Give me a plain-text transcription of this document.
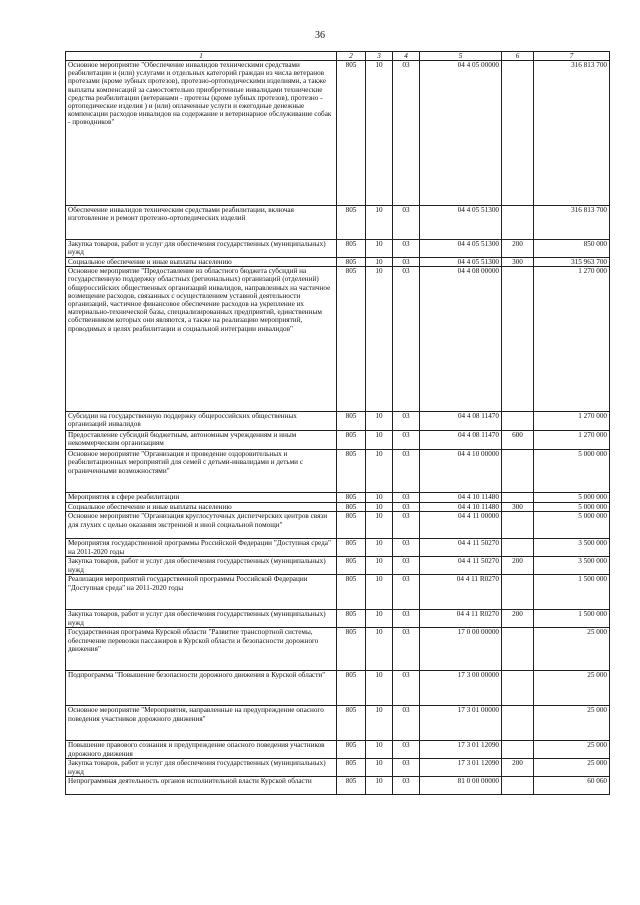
36
1	2	3	4	5	6	7
Основное мероприятие "Обеспечение инвалидов техническими средствами реабилитации и (или) услугами и отдельных категорий граждан из числа ветеранов протезами (кроме зубных протезов), протезно-ортопедическими изделиями, а также выплаты компенсаций за самостоятельно приобретенные инвалидами технические средства реабилитации (ветеранами - протезы (кроме зубных протезов), протезно - ортопедические изделия ) и (или) оплаченные услуги и ежегодные денежные компенсации расходов инвалидов на содержание и ветеринарное обслуживание собак - проводников"	805	10	03	04 4 05 00000		316 813 700
Обеспечение инвалидов техническим средствами реабилитации, включая изготовление и ремонт протезно-ортопедических изделий	805	10	03	04 4 05 51300		316 813 700
Закупка товаров, работ и услуг для обеспечения государственных (муниципальных) нужд	805	10	03	04 4 05 51300	200	850 000
Социальное обеспечение и иные выплаты населению	805	10	03	04 4 05 51300	300	315 963 700
Основное мероприятие "Предоставление из областного бюджета субсидий на государственную поддержку областных (региональных) организаций (отделений) общероссийских общественных организаций инвалидов, направленных на частичное возмещение расходов, связанных с осуществлением уставной деятельности организаций, частичное финансовое обеспечение расходов на укрепление их материально-технической базы, специализированных предприятий, единственным собственником которых они являются, а также на реализацию мероприятий, проводимых в целях реабилитации и социальной интеграции инвалидов"	805	10	03	04 4 08 00000		1 270 000
Субсидии на государственную поддержку общероссийских общественных организаций инвалидов	805	10	03	04 4 08 11470		1 270 000
Предоставление субсидий бюджетным, автономным учреждениям и иным некоммерческим организациям	805	10	03	04 4 08 11470	600	1 270 000
Основное мероприятие "Организация и проведение оздоровительных и реабилитационных мероприятий для семей с детьми-инвалидами и детьми с ограниченными возможностями"	805	10	03	04 4 10 00000		5 000 000
Мероприятия в сфере реабилитации	805	10	03	04 4 10 11480		5 000 000
Социальное обеспечение и иные выплаты населению	805	10	03	04 4 10 11480	300	5 000 000
Основное мероприятие "Организация круглосуточных диспетчерских центров связи для глухих с целью оказания экстренной и иной социальной помощи"	805	10	03	04 4 11 00000		5 000 000
Мероприятия государственной программы Российской Федерации "Доступная среда" на 2011-2020 годы	805	10	03	04 4 11 50270		3 500 000
Закупка товаров, работ и услуг для обеспечения государственных (муниципальных) нужд	805	10	03	04 4 11 50270	200	3 500 000
Реализация мероприятий государственной программы Российской Федерации "Доступная среда" на 2011-2020 годы	805	10	03	04 4 11 R0270		1 500 000
Закупка товаров, работ и услуг для обеспечения государственных (муниципальных) нужд	805	10	03	04 4 11 R0270	200	1 500 000
Государственная программа Курской области "Развитие транспортной системы, обеспечение перевозки пассажиров в Курской области и безопасности дорожного движения"	805	10	03	17 0 00 00000		25 000
Подпрограмма "Повышение безопасности дорожного движения в Курской области"	805	10	03	17 3 00 00000		25 000
Основное мероприятие "Мероприятия, направленные на предупреждение опасного поведения участников дорожного движения"	805	10	03	17 3 01 00000		25 000
Повышение правового сознания и предупреждение опасного поведения участников дорожного движения	805	10	03	17 3 01 12090		25 000
Закупка товаров, работ и услуг для обеспечения государственных (муниципальных) нужд	805	10	03	17 3 01 12090	200	25 000
Непрограммная деятельность органов исполнительной власти Курской области	805	10	03	81 0 00 00000		60 060
